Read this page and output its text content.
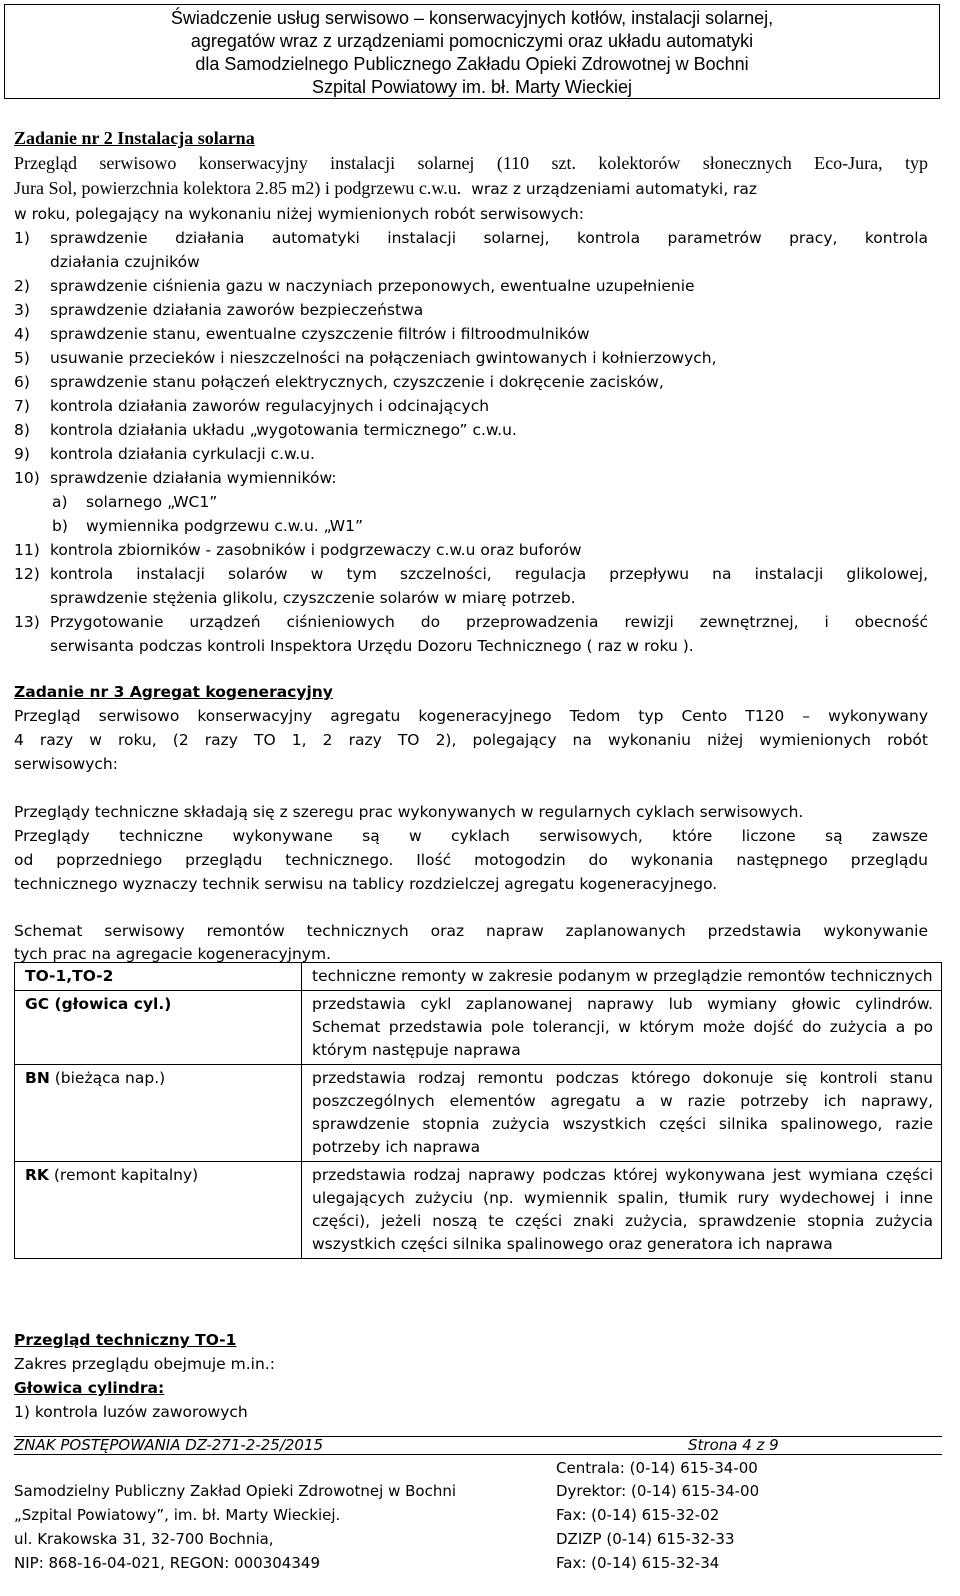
Świadczenie usług serwisowo – konserwacyjnych kotłów, instalacji solarnej,
agregatów wraz z urządzeniami pomocniczymi oraz układu automatyki
dla Samodzielnego Publicznego Zakładu Opieki Zdrowotnej w Bochni
Szpital Powiatowy im. bł. Marty Wieckiej
Zadanie nr 2 Instalacja solarna
Przegląd serwisowo konserwacyjny instalacji solarnej (110 szt. kolektorów słonecznych Eco-Jura, typ
Jura Sol, powierzchnia kolektora 2.85 m2) i podgrzewu c.w.u. wraz z urządzeniami automatyki, raz
w roku, polegający na wykonaniu niżej wymienionych robót serwisowych:
1) sprawdzenie działania automatyki instalacji solarnej, kontrola parametrów pracy, kontrola
działania czujników
2) sprawdzenie ciśnienia gazu w naczyniach przeponowych, ewentualne uzupełnienie
3) sprawdzenie działania zaworów bezpieczeństwa
4) sprawdzenie stanu, ewentualne czyszczenie filtrów i filtroodmulników
5) usuwanie przecieków i nieszczelności na połączeniach gwintowanych i kołnierzowych,
6) sprawdzenie stanu połączeń elektrycznych, czyszczenie i dokręcenie zacisków,
7) kontrola działania zaworów regulacyjnych i odcinających
8) kontrola działania układu „wygotowania termicznego” c.w.u.
9) kontrola działania cyrkulacji c.w.u.
10) sprawdzenie działania wymienników:
a) solarnego „WC1”
b) wymiennika podgrzewu c.w.u. „W1”
11) kontrola zbiorników - zasobników i podgrzewaczy c.w.u oraz buforów
12) kontrola instalacji solarów w tym szczelności, regulacja przepływu na instalacji glikolowej,
sprawdzenie stężenia glikolu, czyszczenie solarów w miarę potrzeb.
13) Przygotowanie urządzeń ciśnieniowych do przeprowadzenia rewizji zewnętrznej, i obecność
serwisanta podczas kontroli Inspektora Urzędu Dozoru Technicznego ( raz w roku ).
Zadanie nr 3 Agregat kogeneracyjny
Przegląd serwisowo konserwacyjny agregatu kogeneracyjnego Tedom typ Cento T120 – wykonywany
4 razy w roku, (2 razy TO 1, 2 razy TO 2), polegający na wykonaniu niżej wymienionych robót
serwisowych:
Przeglądy techniczne składają się z szeregu prac wykonywanych w regularnych cyklach serwisowych.
Przeglądy techniczne wykonywane są w cyklach serwisowych, które liczone są zawsze
od poprzedniego przeglądu technicznego. Ilość motogodzin do wykonania następnego przeglądu
technicznego wyznaczy technik serwisu na tablicy rozdzielczej agregatu kogeneracyjnego.
Schemat serwisowy remontów technicznych oraz napraw zaplanowanych przedstawia wykonywanie
tych prac na agregacie kogeneracyjnym.
TO-1,TO-2	techniczne remonty w zakresie podanym w przeglądzie remontów technicznych
GC (głowica cyl.)	przedstawia cykl zaplanowanej naprawy lub wymiany głowic cylindrów. Schemat przedstawia pole tolerancji, w którym może dojść do zużycia a po którym następuje naprawa
BN (bieżąca nap.)	przedstawia rodzaj remontu podczas którego dokonuje się kontroli stanu poszczególnych elementów agregatu a w razie potrzeby ich naprawy, sprawdzenie stopnia zużycia wszystkich części silnika spalinowego, razie potrzeby ich naprawa
RK (remont kapitalny)	przedstawia rodzaj naprawy podczas której wykonywana jest wymiana części ulegających zużyciu (np. wymiennik spalin, tłumik rury wydechowej i inne części), jeżeli noszą te części znaki zużycia, sprawdzenie stopnia zużycia wszystkich części silnika spalinowego oraz generatora ich naprawa
Przegląd techniczny TO-1
Zakres przeglądu obejmuje m.in.:
Głowica cylindra:
1) kontrola luzów zaworowych
ZNAK POSTĘPOWANIA DZ-271-2-25/2015	Strona 4 z 9
Samodzielny Publiczny Zakład Opieki Zdrowotnej w Bochni
„Szpital Powiatowy”, im. bł. Marty Wieckiej.
ul. Krakowska 31, 32-700 Bochnia,
NIP: 868-16-04-021, REGON: 000304349
Centrala: (0-14) 615-34-00
Dyrektor: (0-14) 615-34-00
Fax: (0-14) 615-32-02
DZIZP (0-14) 615-32-33
Fax: (0-14) 615-32-34
